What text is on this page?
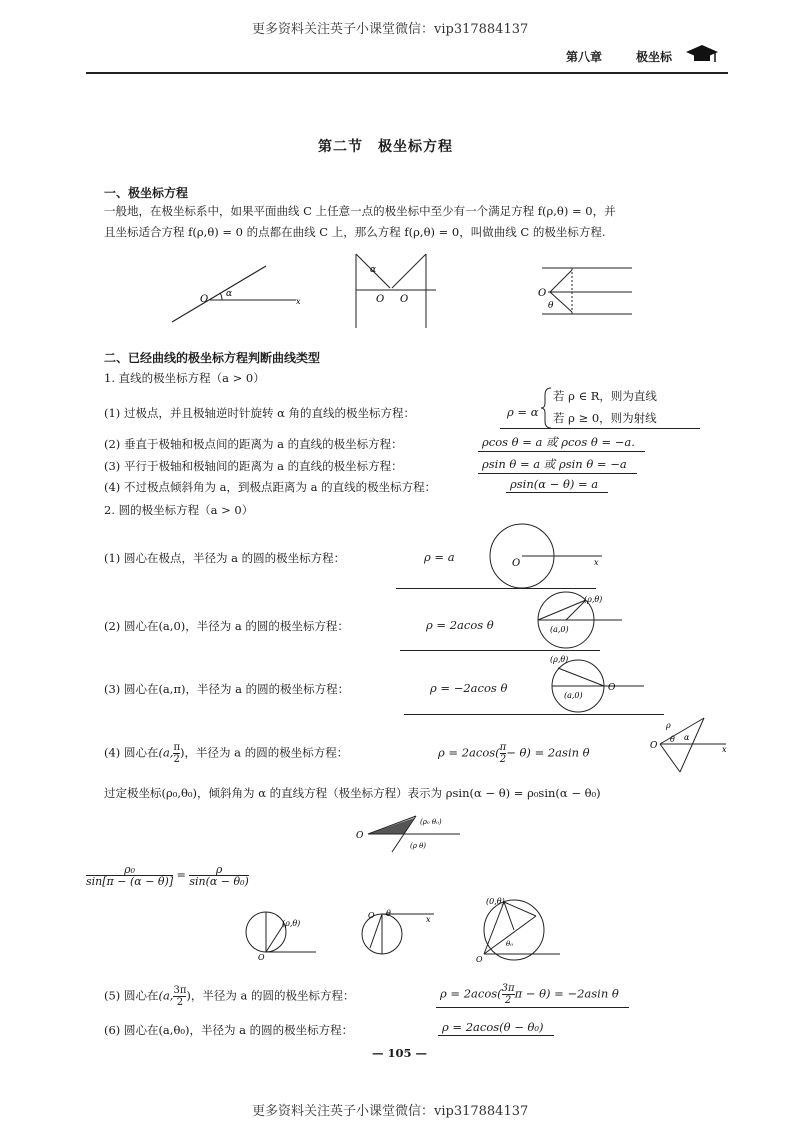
更多资料关注英子小课堂微信：vip317884137
第八章	极坐标
第二节　极坐标方程
一、极坐标方程
一般地，在极坐标系中，如果平面曲线 C 上任意一点的极坐标中至少有一个满足方程 f(ρ,θ) = 0，并
且坐标适合方程 f(ρ,θ) = 0 的点都在曲线 C 上，那么方程 f(ρ,θ) = 0，叫做曲线 C 的极坐标方程.
O α
x
α
O O
O
θ
二、已经曲线的极坐标方程判断曲线类型
1. 直线的极坐标方程（a > 0）
(1) 过极点，并且极轴逆时针旋转 α 角的直线的极坐标方程：	ρ = α
若 ρ ∈ R，则为直线
若 ρ ≥ 0，则为射线
(2) 垂直于极轴和极点间的距离为 a 的直线的极坐标方程：	ρcos θ = a 或 ρcos θ = −a.
(3) 平行于极轴和极轴间的距离为 a 的直线的极坐标方程：	ρsin θ = a 或 ρsin θ = −a
(4) 不过极点倾斜角为 a，到极点距离为 a 的直线的极坐标方程：	ρsin(α − θ) = a
2. 圆的极坐标方程（a > 0）
(1) 圆心在极点，半径为 a 的圆的极坐标方程：	ρ = a	O	x
(2) 圆心在(a,0)，半径为 a 的圆的极坐标方程：	ρ = 2acos θ
(ρ,θ)
(a,0)
(3) 圆心在(a,π)，半径为 a 的圆的极坐标方程：	ρ = −2acos θ
(ρ,θ)
(a,0)
O
(4) 圆心在(a, $\frac{\pi}{2}$ )，半径为 a 的圆的极坐标方程：	$\rho = 2acos( \frac{\pi}{2} - \theta) = 2asin$ θ	O
ρ
θ α
x
过定极坐标(ρ₀,θ₀)，倾斜角为 α 的直线方程（极坐标方程）表示为 ρsin(α − θ) = ρ₀sin(α − θ₀)
O
(ρ₀ θ₀)
(ρ θ)
$\frac{\text{ρ₀}}{\sin[\pi - (\alpha - \theta)]} = \frac{\rho}{\text{sin(α − θ₀)}}$
(ρ,θ)
O
O θ
x
(0,θ)
θ₀
O
(5) 圆心在(a, $\frac{3\pi}{2}$ )，半径为 a 的圆的极坐标方程：	$\rho = 2acos( \frac{3\pi}{2}$ π − θ) = −2asin θ
(6) 圆心在(a,θ₀)，半径为 a 的圆的极坐标方程：	ρ = 2acos(θ − θ₀)
— 105 —
更多资料关注英子小课堂微信：vip317884137
